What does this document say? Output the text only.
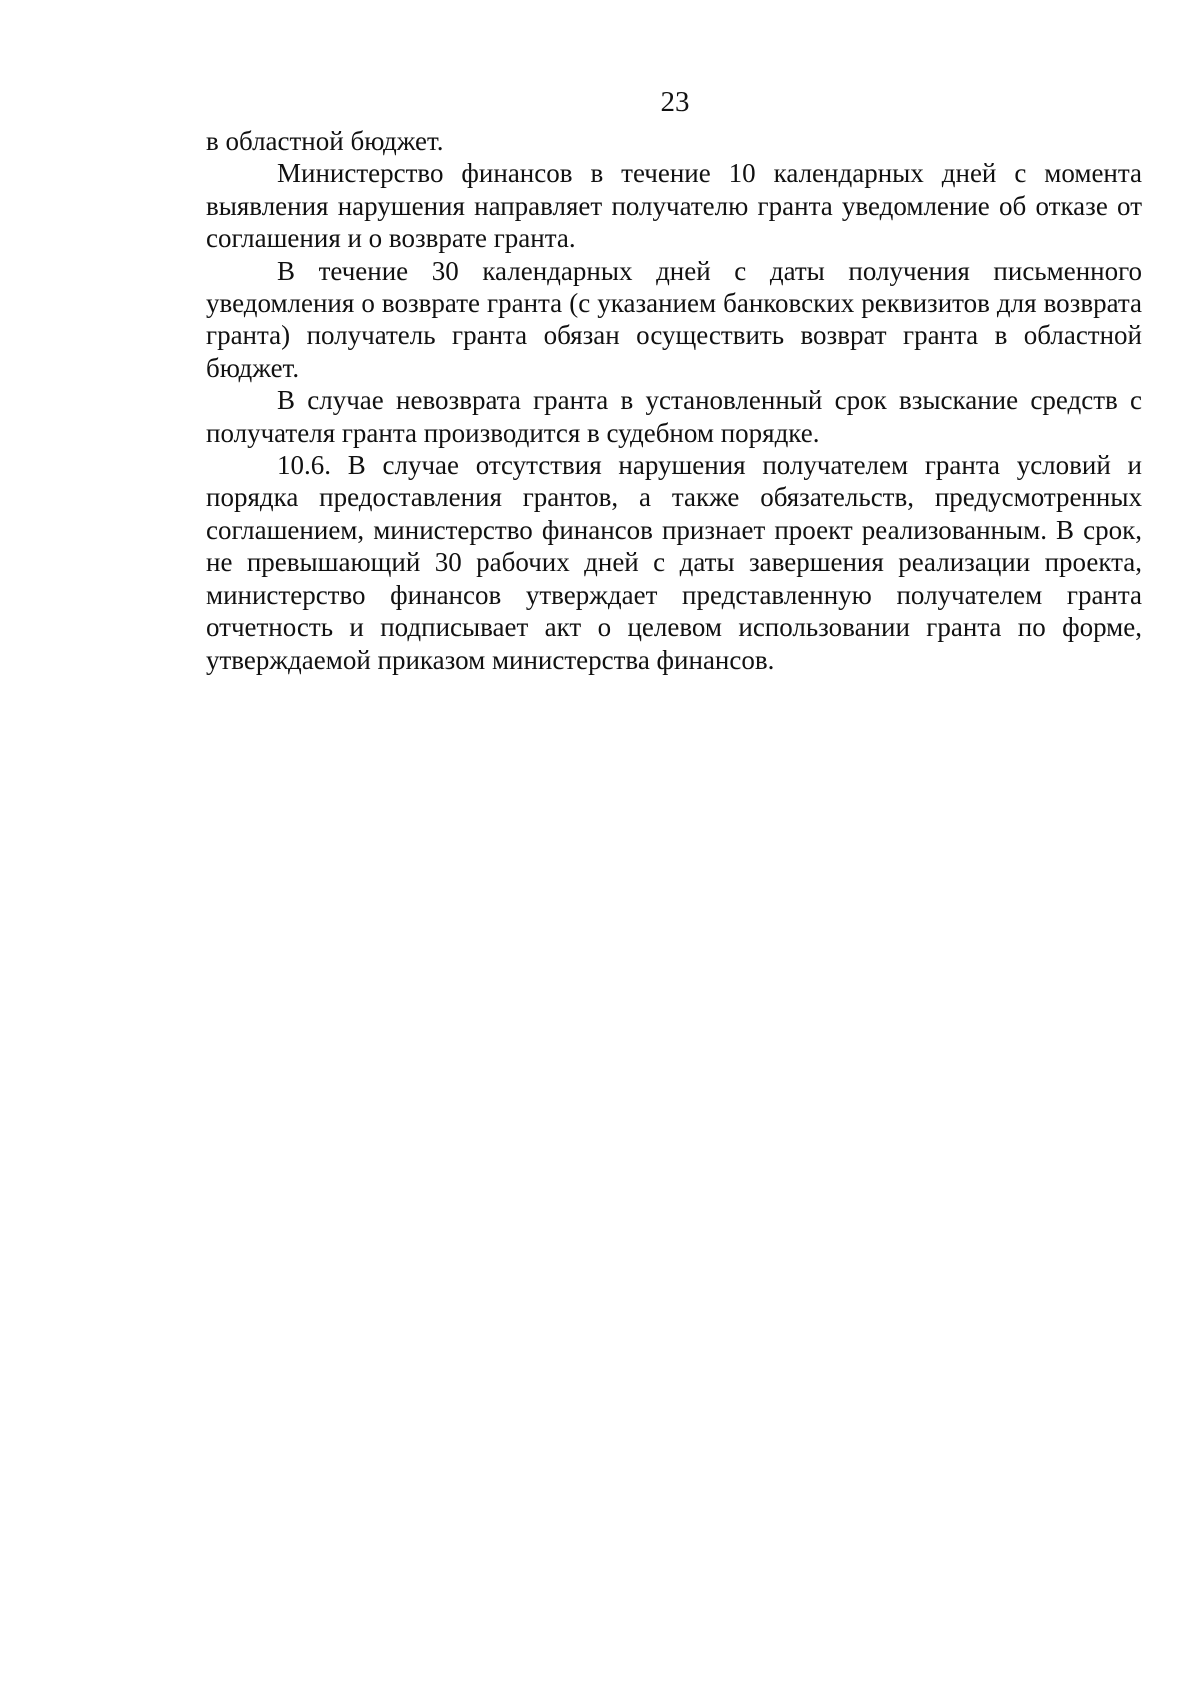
23

в областной бюджет.

Министерство финансов в течение 10 календарных дней с момента выявления нарушения направляет получателю гранта уведомление об отказе от соглашения и о возврате гранта.

В течение 30 календарных дней с даты получения письменного уведомления о возврате гранта (с указанием банковских реквизитов для возврата гранта) получатель гранта обязан осуществить возврат гранта в областной бюджет.

В случае невозврата гранта в установленный срок взыскание средств с получателя гранта производится в судебном порядке.

10.6. В случае отсутствия нарушения получателем гранта условий и порядка предоставления грантов, а также обязательств, предусмотренных соглашением, министерство финансов признает проект реализованным. В срок, не превышающий 30 рабочих дней с даты завершения реализации проекта, министерство финансов утверждает представленную получателем гранта отчетность и подписывает акт о целевом использовании гранта по форме, утверждаемой приказом министерства финансов.
